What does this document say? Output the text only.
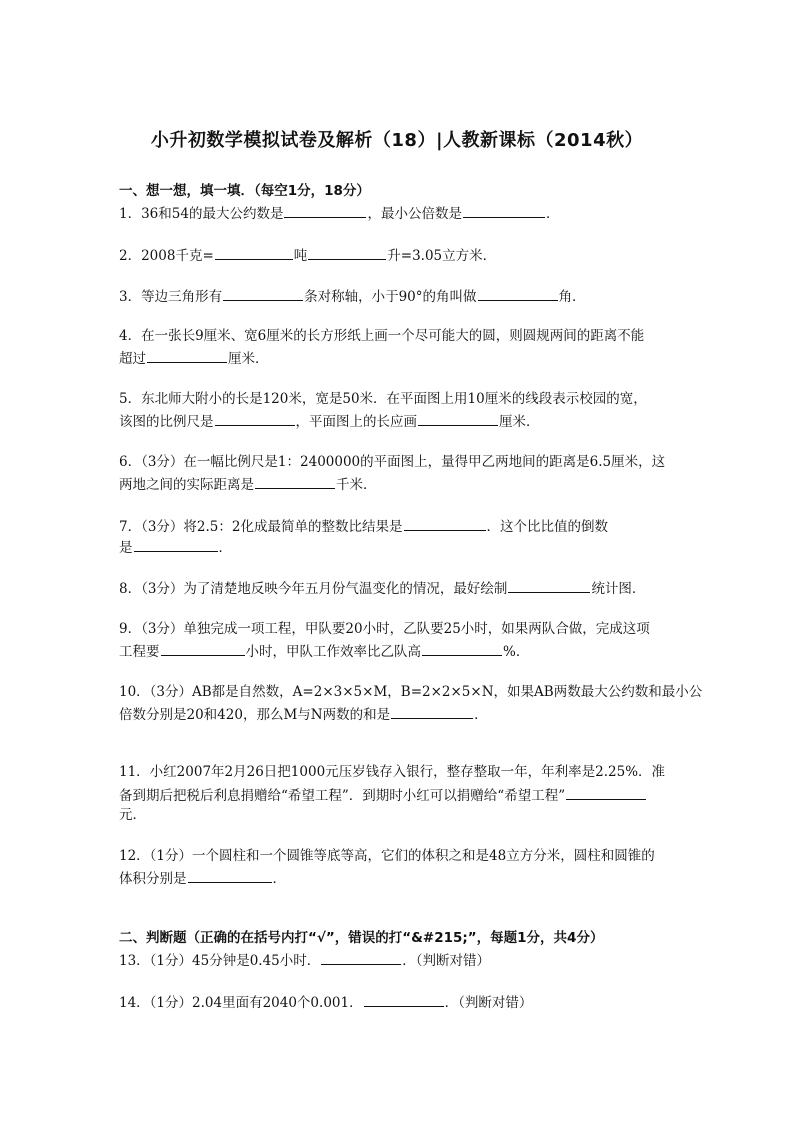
小升初数学模拟试卷及解析（18）|人教新课标（2014秋）
一、想一想，填一填．（每空1分，18分）
1．36和54的最大公约数是	，最小公倍数是	．
2．2008千克=	吨	升=3.05立方米．
3．等边三角形有	条对称轴，小于90°的角叫做	角．
4．在一张长9厘米、宽6厘米的长方形纸上画一个尽可能大的圆，则圆规两间的距离不能
超过	厘米．
5．东北师大附小的长是120米，宽是50米．在平面图上用10厘米的线段表示校园的宽，
该图的比例尺是	，平面图上的长应画	厘米．
6．（3分）在一幅比例尺是1：2400000的平面图上，量得甲乙两地间的距离是6.5厘米，这
两地之间的实际距离是	千米．
7．（3分）将2.5：2化成最简单的整数比结果是	．这个比比值的倒数
是	．
8．（3分）为了清楚地反映今年五月份气温变化的情况，最好绘制	统计图．
9．（3分）单独完成一项工程，甲队要20小时，乙队要25小时，如果两队合做，完成这项
工程要	小时，甲队工作效率比乙队高	%．
10．（3分）AB都是自然数，A=2×3×5×M，B=2×2×5×N，如果AB两数最大公约数和最小公
倍数分别是20和420，那么M与N两数的和是	．
11．小红2007年2月26日把1000元压岁钱存入银行，整存整取一年，年利率是2.25%．准
备到期后把税后利息捐赠给“希望工程”．到期时小红可以捐赠给“希望工程”
元．
12．（1分）一个圆柱和一个圆锥等底等高，它们的体积之和是48立方分米，圆柱和圆锥的
体积分别是	．
二、判断题（正确的在括号内打“√”，错误的打“&#215;”，每题1分，共4分）
13．（1分）45分钟是0.45小时．	．（判断对错）
14．（1分）2.04里面有2040个0.001．	．（判断对错）
